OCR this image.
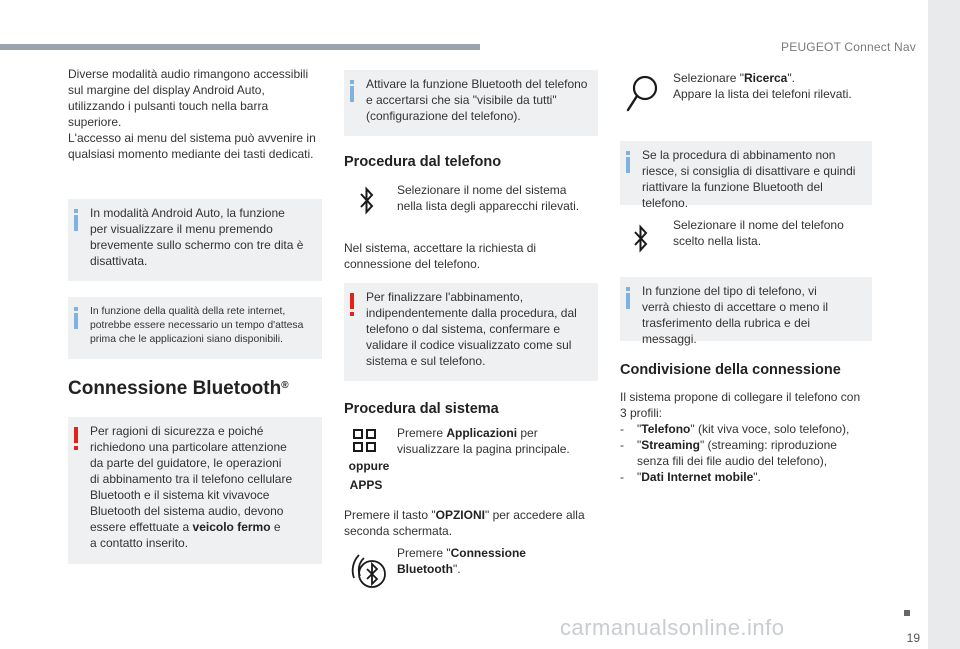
PEUGEOT Connect Nav
19
carmanualsonline.info

Diverse modalità audio rimangono accessibili

sul margine del display Android Auto,

utilizzando i pulsanti touch nella barra

superiore.

L'accesso ai menu del sistema può avvenire in

qualsiasi momento mediante dei tasti dedicati.

In modalità Android Auto, la funzione

per visualizzare il menu premendo

brevemente sullo schermo con tre dita è

disattivata.

In funzione della qualità della rete internet,

potrebbe essere necessario un tempo d'attesa

prima che le applicazioni siano disponibili.

Connessione Bluetooth®

Per ragioni di sicurezza e poiché

richiedono una particolare attenzione

da parte del guidatore, le operazioni

di abbinamento tra il telefono cellulare

Bluetooth e il sistema kit vivavoce

Bluetooth del sistema audio, devono

essere effettuate a veicolo fermo e

a contatto inserito.

Attivare la funzione Bluetooth del telefono

e accertarsi che sia "visibile da tutti"

(configurazione del telefono).

Procedura dal telefono

Selezionare il nome del sistema

nella lista degli apparecchi rilevati.

Nel sistema, accettare la richiesta di

connessione del telefono.

Per finalizzare l'abbinamento,

indipendentemente dalla procedura, dal

telefono o dal sistema, confermare e

validare il codice visualizzato come sul

sistema e sul telefono.

Procedura dal sistema
oppure
APPS

Premere Applicazioni per

visualizzare la pagina principale.

Premere il tasto "OPZIONI" per accedere alla

seconda schermata.

Premere "Connessione

Bluetooth".

Selezionare "Ricerca".

Appare la lista dei telefoni rilevati.

Se la procedura di abbinamento non

riesce, si consiglia di disattivare e quindi

riattivare la funzione Bluetooth del telefono.

Selezionare il nome del telefono

scelto nella lista.

In funzione del tipo di telefono, vi

verrà chiesto di accettare o meno il

trasferimento della rubrica e dei messaggi.

Condivisione della connessione

Il sistema propone di collegare il telefono con

3 profili:

- "Telefono" (kit viva voce, solo telefono),

- "Streaming" (streaming: riproduzione

senza fili dei file audio del telefono),

- "Dati Internet mobile".
